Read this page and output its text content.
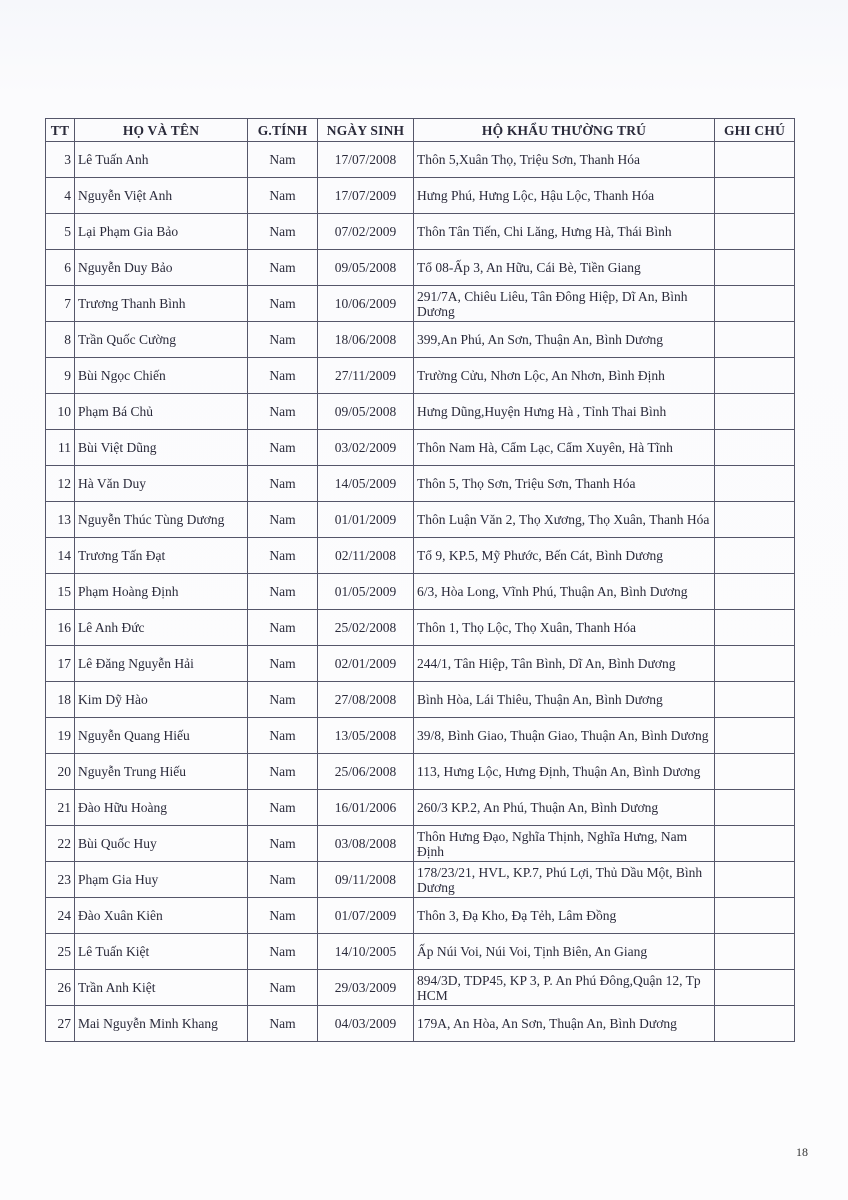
TT	HỌ VÀ TÊN	G.TÍNH	NGÀY SINH	HỘ KHẨU THƯỜNG TRÚ	GHI CHÚ
3	Lê Tuấn Anh	Nam	17/07/2008	Thôn 5,Xuân Thọ, Triệu Sơn, Thanh Hóa	
4	Nguyễn Việt Anh	Nam	17/07/2009	Hưng Phú, Hưng Lộc, Hậu Lộc, Thanh Hóa	
5	Lại Phạm Gia Bảo	Nam	07/02/2009	Thôn Tân Tiến, Chi Lăng, Hưng Hà, Thái Bình	
6	Nguyễn Duy Bảo	Nam	09/05/2008	Tổ 08-Ấp 3, An Hữu, Cái Bè, Tiền Giang	
7	Trương Thanh Bình	Nam	10/06/2009	291/7A, Chiêu Liêu, Tân Đông Hiệp, Dĩ An, Bình Dương	
8	Trần Quốc Cường	Nam	18/06/2008	399,An Phú, An Sơn, Thuận An, Bình Dương	
9	Bùi Ngọc Chiến	Nam	27/11/2009	Trường Cửu, Nhơn Lộc, An Nhơn, Bình Định	
10	Phạm Bá Chủ	Nam	09/05/2008	Hưng Dũng,Huyện Hưng Hà , Tỉnh Thai Bình	
11	Bùi Việt Dũng	Nam	03/02/2009	Thôn Nam Hà, Cẩm Lạc, Cẩm Xuyên, Hà Tĩnh	
12	Hà Văn Duy	Nam	14/05/2009	Thôn 5, Thọ Sơn, Triệu Sơn, Thanh Hóa	
13	Nguyễn Thúc Tùng Dương	Nam	01/01/2009	Thôn Luận Văn 2, Thọ Xương, Thọ Xuân, Thanh Hóa	
14	Trương Tấn Đạt	Nam	02/11/2008	Tổ 9, KP.5, Mỹ Phước, Bến Cát, Bình Dương	
15	Phạm Hoàng Định	Nam	01/05/2009	6/3, Hòa Long, Vĩnh Phú, Thuận An, Bình Dương	
16	Lê Anh Đức	Nam	25/02/2008	Thôn 1, Thọ Lộc, Thọ Xuân, Thanh Hóa	
17	Lê Đăng Nguyễn Hải	Nam	02/01/2009	244/1, Tân Hiệp, Tân Bình, Dĩ An, Bình Dương	
18	Kim Dỹ Hào	Nam	27/08/2008	Bình Hòa, Lái Thiêu, Thuận An, Bình Dương	
19	Nguyễn Quang Hiếu	Nam	13/05/2008	39/8, Bình Giao, Thuận Giao, Thuận An, Bình Dương	
20	Nguyễn Trung Hiếu	Nam	25/06/2008	113, Hưng Lộc, Hưng Định, Thuận An, Bình Dương	
21	Đào Hữu Hoàng	Nam	16/01/2006	260/3 KP.2, An Phú, Thuận An, Bình Dương	
22	Bùi Quốc Huy	Nam	03/08/2008	Thôn Hưng Đạo, Nghĩa Thịnh, Nghĩa Hưng, Nam Định	
23	Phạm Gia Huy	Nam	09/11/2008	178/23/21, HVL, KP.7, Phú Lợi, Thủ Dầu Một, Bình Dương	
24	Đào Xuân Kiên	Nam	01/07/2009	Thôn 3, Đạ Kho, Đạ Tẻh, Lâm Đồng	
25	Lê Tuấn Kiệt	Nam	14/10/2005	Ấp Núi Voi, Núi Voi, Tịnh Biên, An Giang	
26	Trần Anh Kiệt	Nam	29/03/2009	894/3D, TDP45, KP 3, P. An Phú Đông,Quận 12, Tp HCM	
27	Mai Nguyễn Minh Khang	Nam	04/03/2009	179A, An Hòa, An Sơn, Thuận An, Bình Dương	
18
